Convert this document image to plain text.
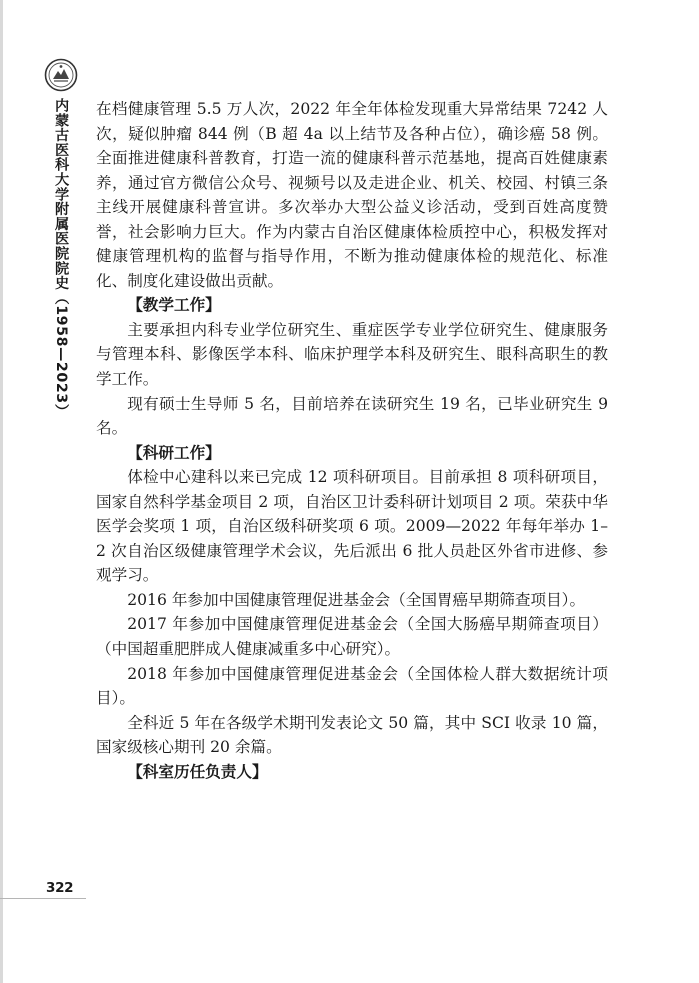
内蒙古医科大学附属医院院史（1958—2023） 在档健康管理 5.5 万人次，2022 年全年体检发现重大异常结果 7242 人次，疑似肿瘤 844 例（B 超 4a 以上结节及各种占位），确诊癌 58 例。全面推进健康科普教育，打造一流的健康科普示范基地，提高百姓健康素养，通过官方微信公众号、视频号以及走进企业、机关、校园、村镇三条主线开展健康科普宣讲。多次举办大型公益义诊活动，受到百姓高度赞誉，社会影响力巨大。作为内蒙古自治区健康体检质控中心，积极发挥对健康管理机构的监督与指导作用，不断为推动健康体检的规范化、标准化、制度化建设做出贡献。

【教学工作】

主要承担内科专业学位研究生、重症医学专业学位研究生、健康服务与管理本科、影像医学本科、临床护理学本科及研究生、眼科高职生的教学工作。

现有硕士生导师 5 名，目前培养在读研究生 19 名，已毕业研究生 9 名。

【科研工作】

体检中心建科以来已完成 12 项科研项目。目前承担 8 项科研项目，国家自然科学基金项目 2 项，自治区卫计委科研计划项目 2 项。荣获中华医学会奖项 1 项，自治区级科研奖项 6 项。2009—2022 年每年举办 1–2 次自治区级健康管理学术会议，先后派出 6 批人员赴区外省市进修、参观学习。

2016 年参加中国健康管理促进基金会（全国胃癌早期筛查项目）。

2017 年参加中国健康管理促进基金会（全国大肠癌早期筛查项目）（中国超重肥胖成人健康减重多中心研究）。

2018 年参加中国健康管理促进基金会（全国体检人群大数据统计项目）。

全科近 5 年在各级学术期刊发表论文 50 篇，其中 SCI 收录 10 篇，国家级核心期刊 20 余篇。

【科室历任负责人】

322
